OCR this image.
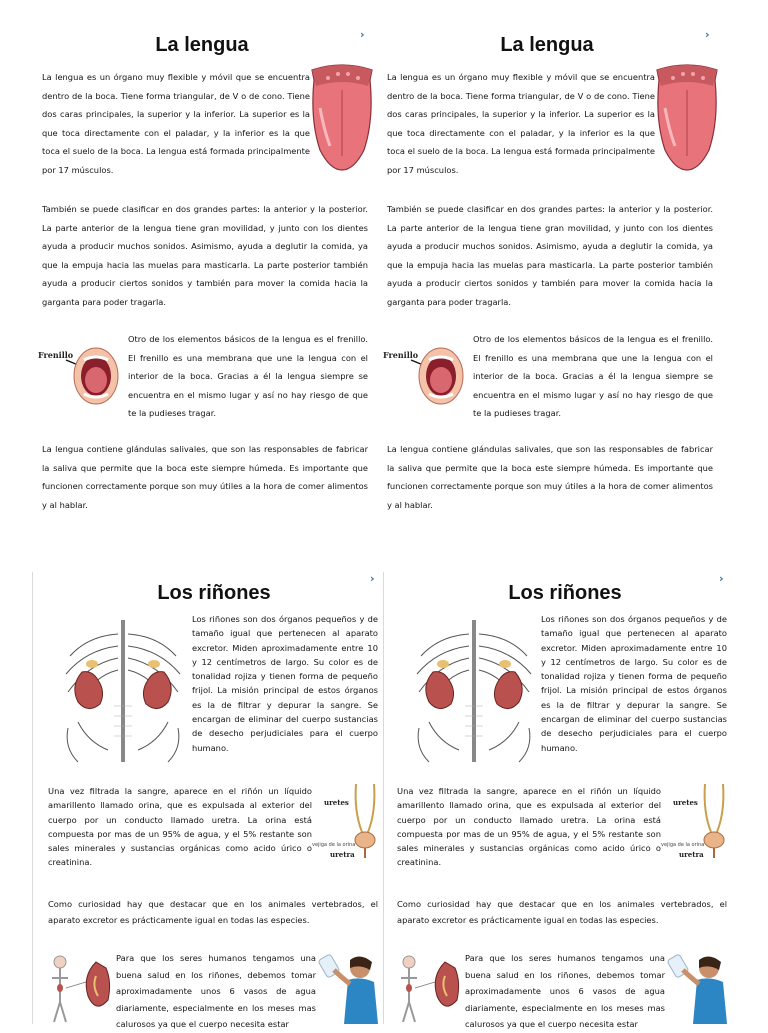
›
La lengua
La lengua es un órgano muy flexible y móvil que se encuentra dentro de la boca. Tiene forma triangular, de V o de cono. Tiene dos caras principales, la superior y la inferior. La superior es la que toca directamente con el paladar, y la inferior es la que toca el suelo de la boca. La lengua está formada principalmente por 17 músculos.
También se puede clasificar en dos grandes partes: la anterior y la posterior. La parte anterior de la lengua tiene gran movilidad, y junto con los dientes ayuda a producir muchos sonidos. Asimismo, ayuda a deglutir la comida, ya que la empuja hacia las muelas para masticarla. La parte posterior también ayuda a producir ciertos sonidos y también para mover la comida hacia la garganta para poder tragarla.
Frenillo
Otro de los elementos básicos de la lengua es el frenillo. El frenillo es una membrana que une la lengua con el interior de la boca. Gracias a él la lengua siempre se encuentra en el mismo lugar y así no hay riesgo de que te la pudieses tragar.
La lengua contiene glándulas salivales, que son las responsables de fabricar la saliva que permite que la boca este siempre húmeda. Es importante que funcionen correctamente porque son muy útiles a la hora de comer alimentos y al hablar.
›
La lengua
La lengua es un órgano muy flexible y móvil que se encuentra dentro de la boca. Tiene forma triangular, de V o de cono. Tiene dos caras principales, la superior y la inferior. La superior es la que toca directamente con el paladar, y la inferior es la que toca el suelo de la boca. La lengua está formada principalmente por 17 músculos.
También se puede clasificar en dos grandes partes: la anterior y la posterior. La parte anterior de la lengua tiene gran movilidad, y junto con los dientes ayuda a producir muchos sonidos. Asimismo, ayuda a deglutir la comida, ya que la empuja hacia las muelas para masticarla. La parte posterior también ayuda a producir ciertos sonidos y también para mover la comida hacia la garganta para poder tragarla.
Frenillo
Otro de los elementos básicos de la lengua es el frenillo. El frenillo es una membrana que une la lengua con el interior de la boca. Gracias a él la lengua siempre se encuentra en el mismo lugar y así no hay riesgo de que te la pudieses tragar.
La lengua contiene glándulas salivales, que son las responsables de fabricar la saliva que permite que la boca este siempre húmeda. Es importante que funcionen correctamente porque son muy útiles a la hora de comer alimentos y al hablar.
›
Los riñones
Los riñones son dos órganos pequeños y de tamaño igual que pertenecen al aparato excretor. Miden aproximadamente entre 10 y 12 centímetros de largo. Su color es de tonalidad rojiza y tienen forma de pequeño frijol. La misión principal de estos órganos es la de filtrar y depurar la sangre. Se encargan de eliminar del cuerpo sustancias de desecho perjudiciales para el cuerpo humano.
Una vez filtrada la sangre, aparece en el riñón un líquido amarillento llamado orina, que es expulsada al exterior del cuerpo por un conducto llamado uretra. La orina está compuesta por mas de un 95% de agua, y el 5% restante son sales minerales y sustancias orgánicas como acido úrico o creatinina.
uretes
vejiga de la orina
uretra
Como curiosidad hay que destacar que en los animales vertebrados, el aparato excretor es prácticamente igual en todas las especies.
Para que los seres humanos tengamos una buena salud en los riñones, debemos tomar aproximadamente unos 6 vasos de agua diariamente, especialmente en los meses mas calurosos ya que el cuerpo necesita estar
›
Los riñones
Los riñones son dos órganos pequeños y de tamaño igual que pertenecen al aparato excretor. Miden aproximadamente entre 10 y 12 centímetros de largo. Su color es de tonalidad rojiza y tienen forma de pequeño frijol. La misión principal de estos órganos es la de filtrar y depurar la sangre. Se encargan de eliminar del cuerpo sustancias de desecho perjudiciales para el cuerpo humano.
Una vez filtrada la sangre, aparece en el riñón un líquido amarillento llamado orina, que es expulsada al exterior del cuerpo por un conducto llamado uretra. La orina está compuesta por mas de un 95% de agua, y el 5% restante son sales minerales y sustancias orgánicas como acido úrico o creatinina.
uretes
vejiga de la orina
uretra
Como curiosidad hay que destacar que en los animales vertebrados, el aparato excretor es prácticamente igual en todas las especies.
Para que los seres humanos tengamos una buena salud en los riñones, debemos tomar aproximadamente unos 6 vasos de agua diariamente, especialmente en los meses mas calurosos ya que el cuerpo necesita estar
